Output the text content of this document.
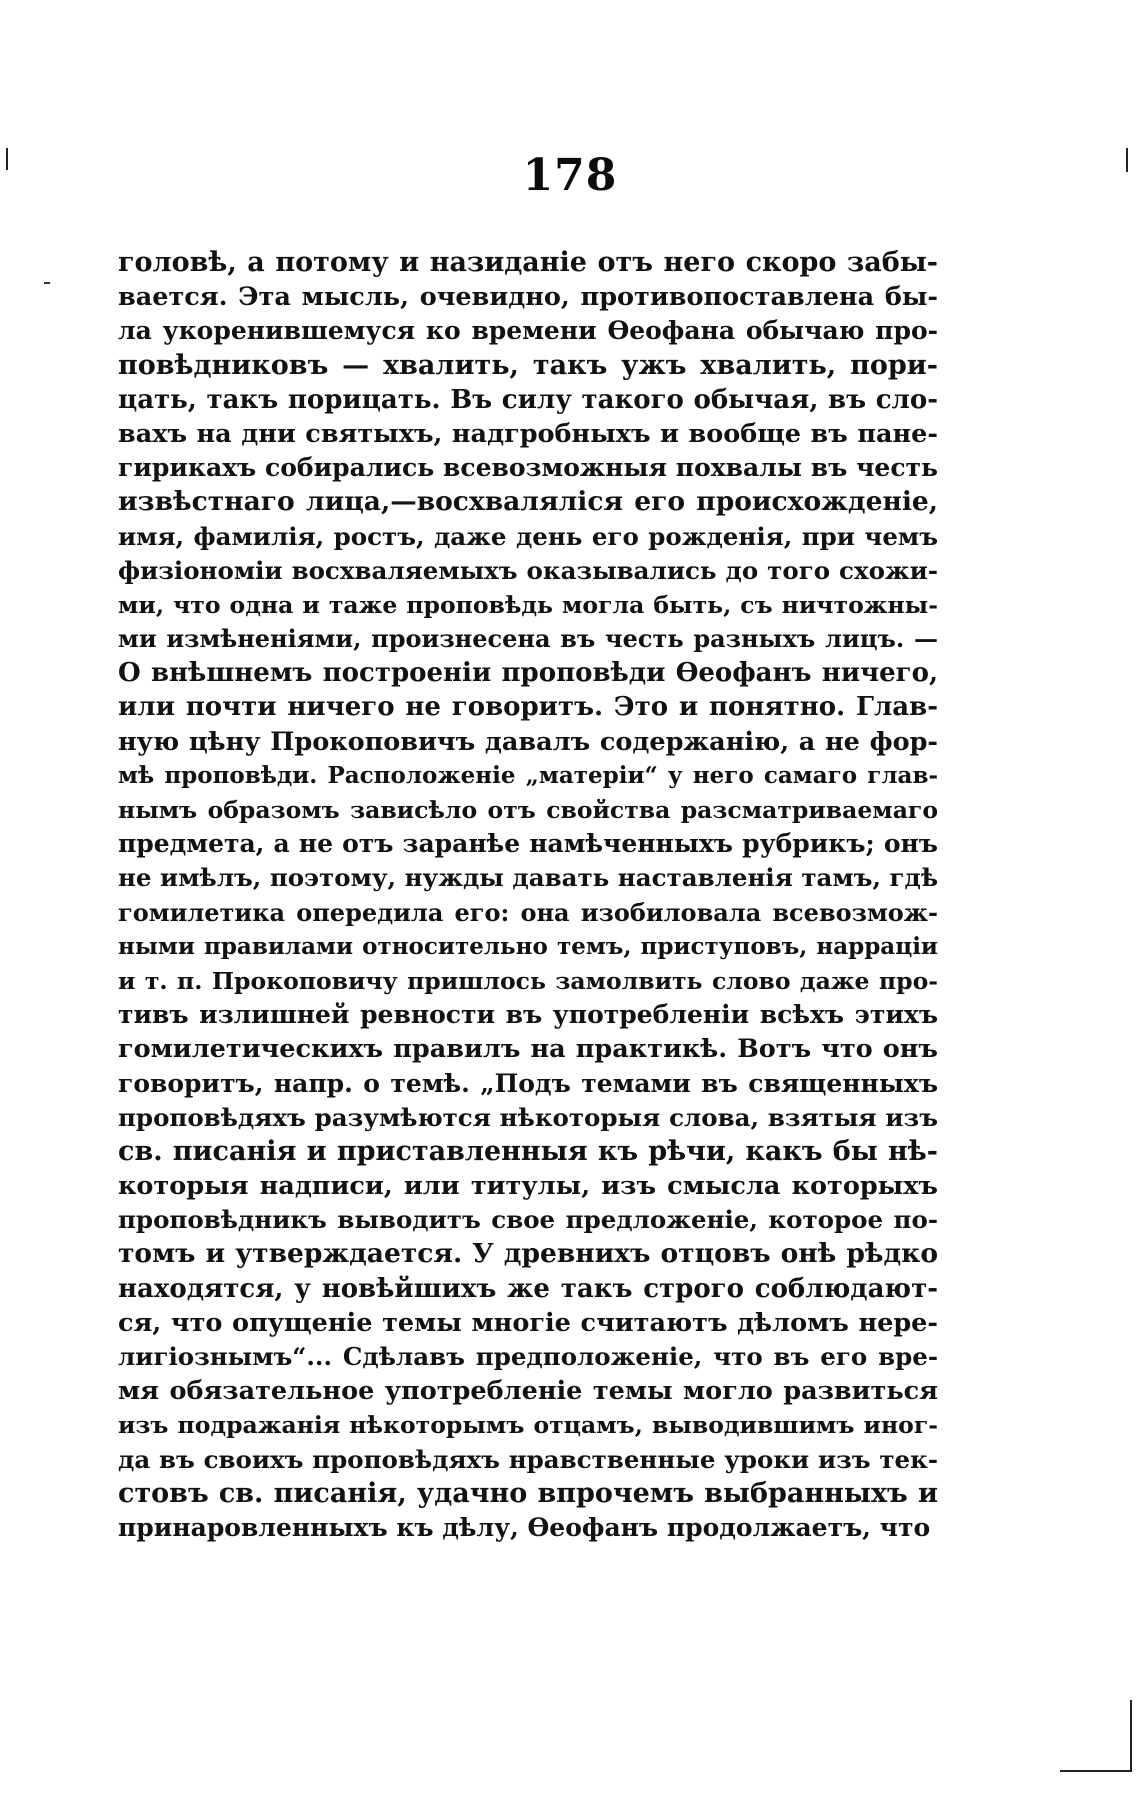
178
головѣ, а потому и назиданіе отъ него скоро забы-
вается. Эта мысль, очевидно, противопоставлена бы-
ла укоренившемуся ко времени Ѳеофана обычаю про-
повѣдниковъ — хвалить, такъ ужъ хвалить, пори-
цать, такъ порицать. Въ силу такого обычая, въ сло-
вахъ на дни святыхъ, надгробныхъ и вообще въ пане-
гирикахъ собирались всевозможныя похвалы въ честь
извѣстнаго лица,—восхваляліся его происхожденіе,
имя, фамилія, ростъ, даже день его рожденія, при чемъ
физіономіи восхваляемыхъ оказывались до того схожи-
ми, что одна и таже проповѣдь могла быть, съ ничтожны-
ми измѣненіями, произнесена въ честь разныхъ лицъ. —
О внѣшнемъ построеніи проповѣди Ѳеофанъ ничего,
или почти ничего не говоритъ. Это и понятно. Глав-
ную цѣну Прокоповичъ давалъ содержанію, а не фор-
мѣ проповѣди. Расположеніе „матеріи“ у него самаго глав-
нымъ образомъ зависѣло отъ свойства разсматриваемаго
предмета, а не отъ заранѣе намѣченныхъ рубрикъ; онъ
не имѣлъ, поэтому, нужды давать наставленія тамъ, гдѣ
гомилетика опередила его: она изобиловала всевозмож-
ными правилами относительно темъ, приступовъ, нарраціи
и т. п. Прокоповичу пришлось замолвить слово даже про-
тивъ излишней ревности въ употребленіи всѣхъ этихъ
гомилетическихъ правилъ на практикѣ. Вотъ что онъ
говоритъ, напр. о темѣ. „Подъ темами въ священныхъ
проповѣдяхъ разумѣются нѣкоторыя слова, взятыя изъ
св. писанія и приставленныя къ рѣчи, какъ бы нѣ-
которыя надписи, или титулы, изъ смысла которыхъ
проповѣдникъ выводитъ свое предложеніе, которое по-
томъ и утверждается. У древнихъ отцовъ онѣ рѣдко
находятся, у новѣйшихъ же такъ строго соблюдают-
ся, что опущеніе темы многіе считаютъ дѣломъ нере-
лигіознымъ“... Сдѣлавъ предположеніе, что въ его вре-
мя обязательное употребленіе темы могло развиться
изъ подражанія нѣкоторымъ отцамъ, выводившимъ иног-
да въ своихъ проповѣдяхъ нравственные уроки изъ тек-
стовъ св. писанія, удачно впрочемъ выбранныхъ и
принаровленныхъ къ дѣлу, Ѳеофанъ продолжаетъ, что
